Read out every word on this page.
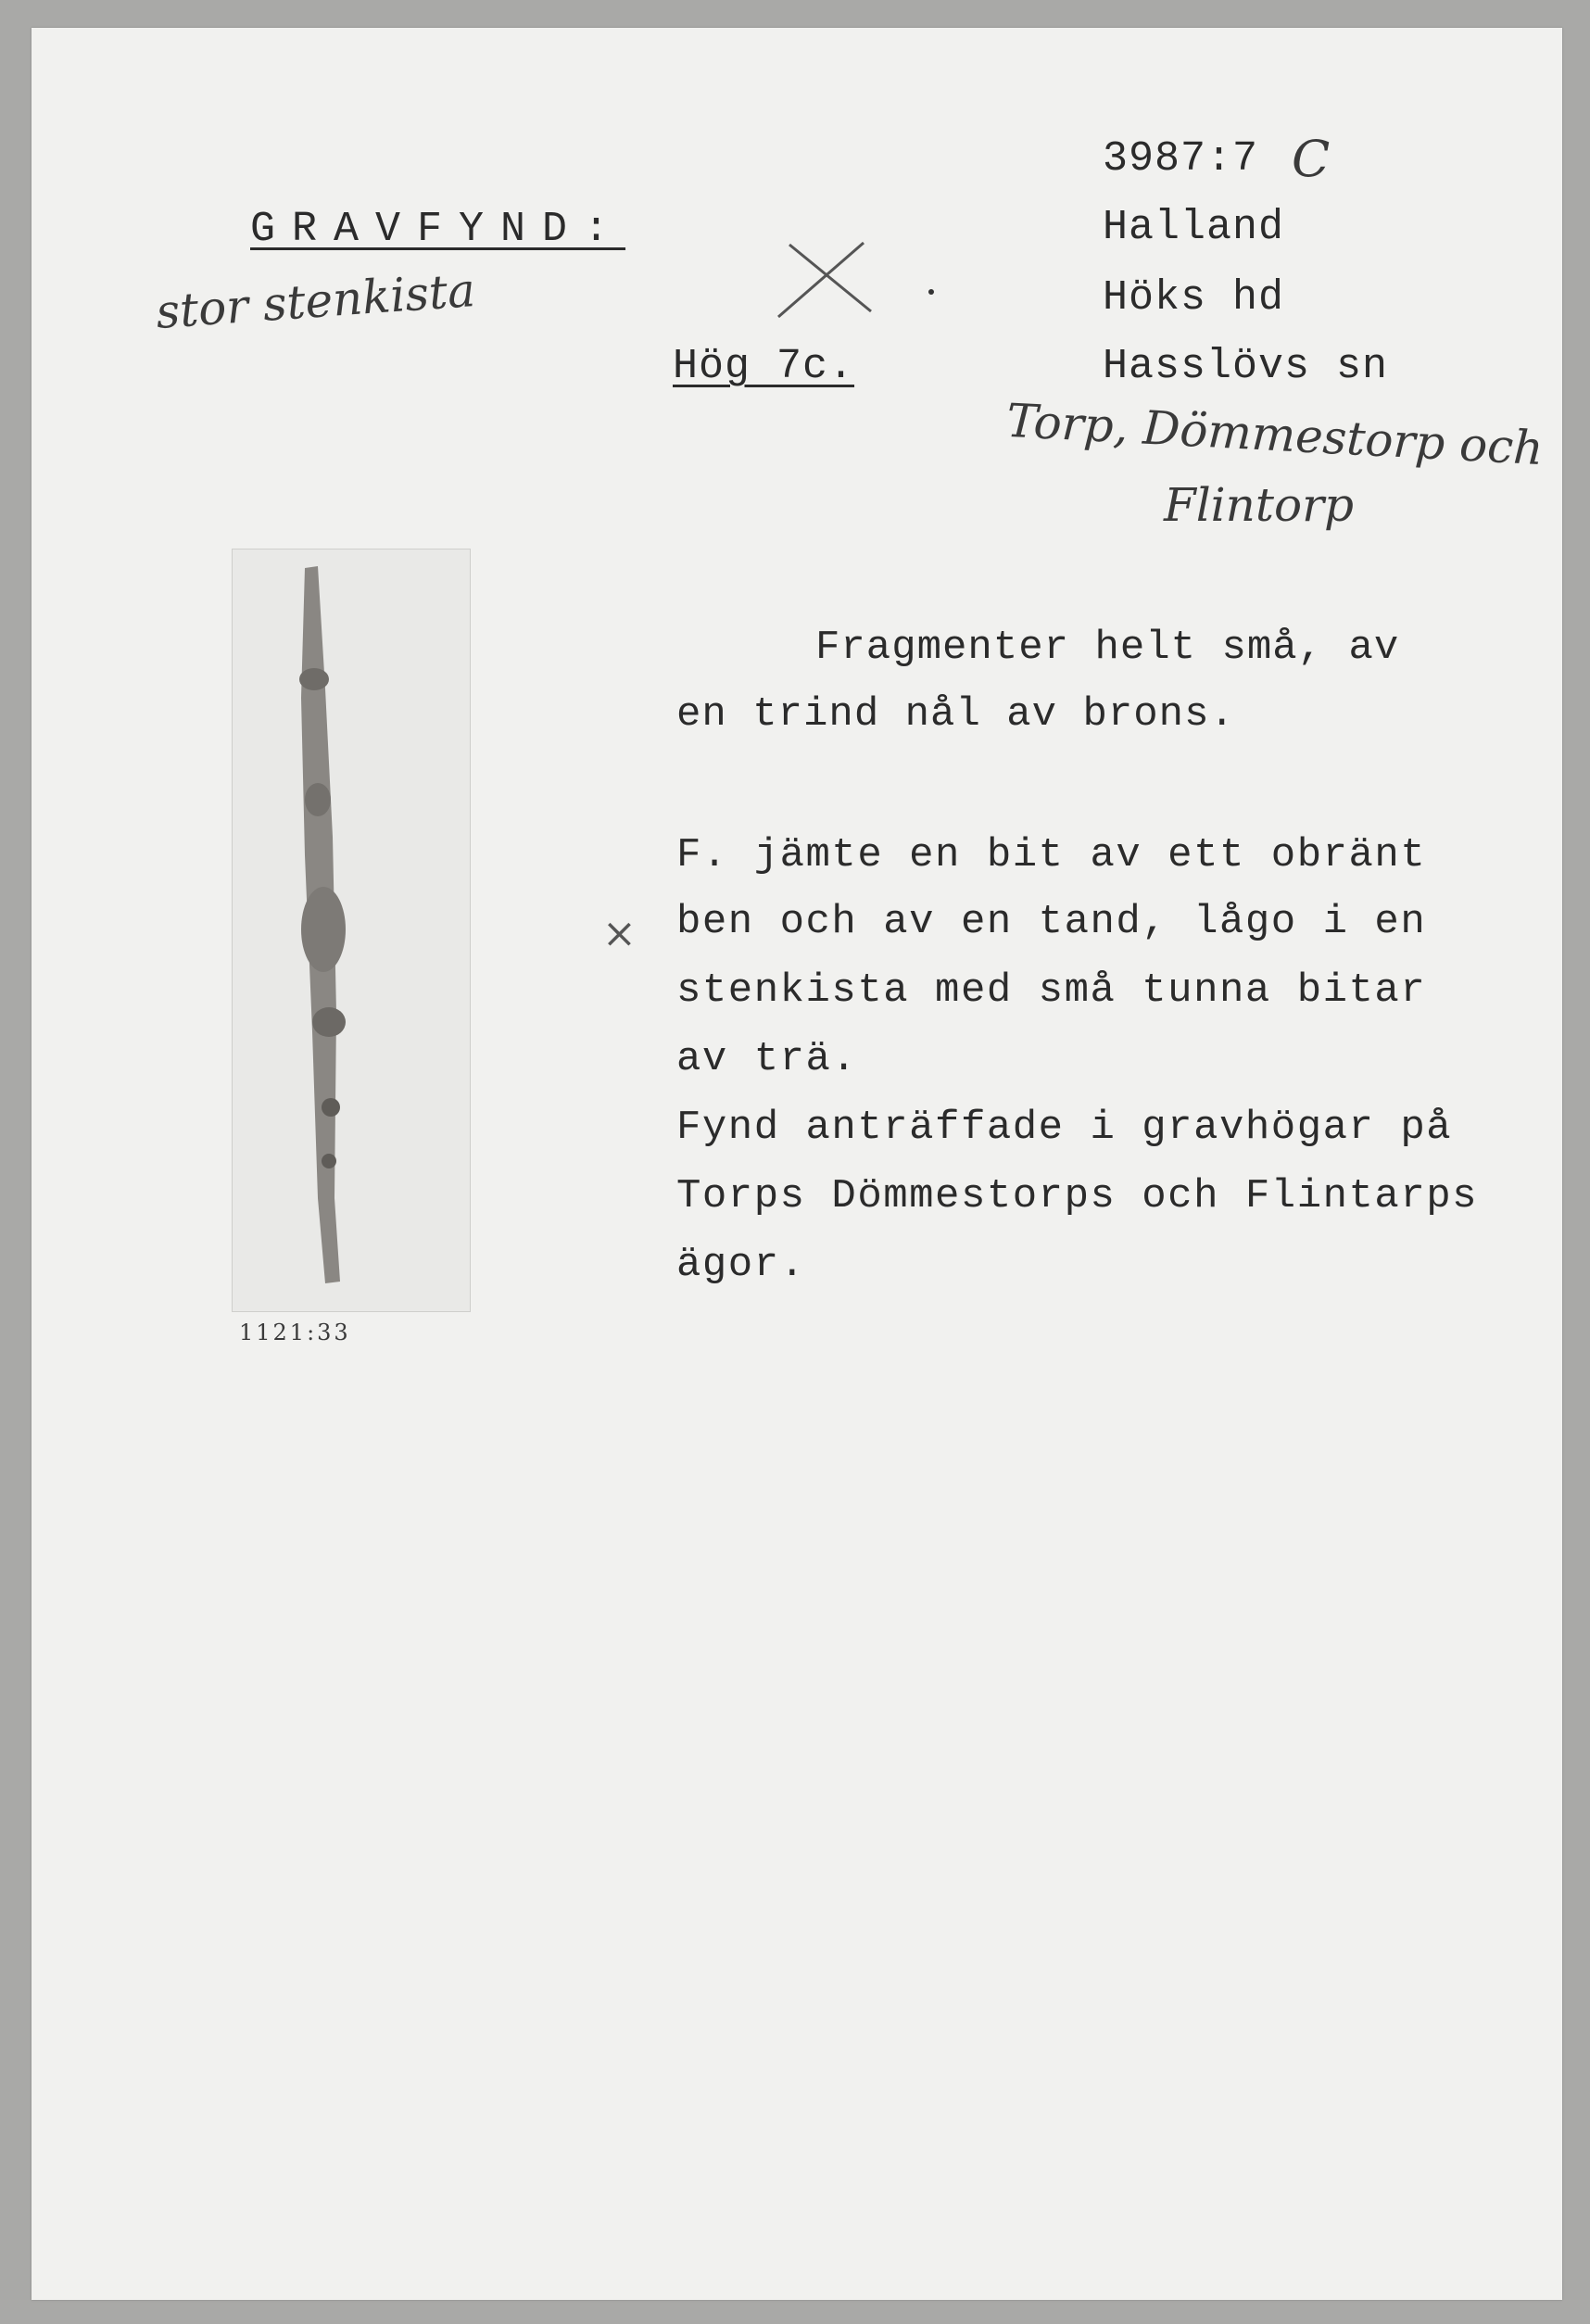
GRAVFYND:
stor stenkista
Hög 7c.
3987:7 C
Halland
Höks hd
Hasslövs sn
Torp, Dömmestorp och
Flintorp
1121:33
Fragmenter helt små, av
en trind nål av brons.
×
F. jämte en bit av ett obränt
ben och av en tand, lågo i en
stenkista med små tunna bitar
av trä.
Fynd anträffade i gravhögar på
Torps Dömmestorps och Flintarps
ägor.
